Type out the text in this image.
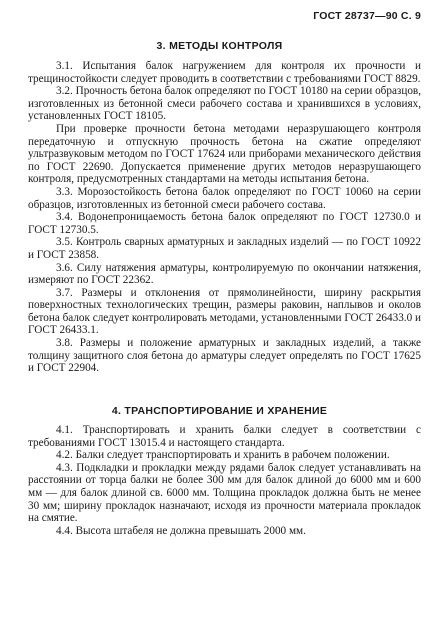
ГОСТ 28737—90 С. 9
3. МЕТОДЫ КОНТРОЛЯ

3.1. Испытания балок нагружением для контроля их прочности и трещиностойкости следует проводить в соответствии с требованиями ГОСТ 8829.

3.2. Прочность бетона балок определяют по ГОСТ 10180 на серии образцов, изготовленных из бетонной смеси рабочего состава и хранившихся в условиях, установленных ГОСТ 18105.

При проверке прочности бетона методами неразрушающего контроля передаточную и отпускную прочность бетона на сжатие определяют ультразвуковым методом по ГОСТ 17624 или приборами механического действия по ГОСТ 22690. Допускается применение других методов неразрушающего контроля, предусмотренных стандартами на методы испытания бетона.

3.3. Морозостойкость бетона балок определяют по ГОСТ 10060 на серии образцов, изготовленных из бетонной смеси рабочего состава.

3.4. Водонепроницаемость бетона балок определяют по ГОСТ 12730.0 и ГОСТ 12730.5.

3.5. Контроль сварных арматурных и закладных изделий — по ГОСТ 10922 и ГОСТ 23858.

3.6. Силу натяжения арматуры, контролируемую по окончании натяжения, измеряют по ГОСТ 22362.

3.7. Размеры и отклонения от прямолинейности, ширину раскрытия поверхностных технологических трещин, размеры раковин, наплывов и околов бетона балок следует контролировать методами, установленными ГОСТ 26433.0 и ГОСТ 26433.1.

3.8. Размеры и положение арматурных и закладных изделий, а также толщину защитного слоя бетона до арматуры следует определять по ГОСТ 17625 и ГОСТ 22904.

4. ТРАНСПОРТИРОВАНИЕ И ХРАНЕНИЕ

4.1. Транспортировать и хранить балки следует в соответствии с требованиями ГОСТ 13015.4 и настоящего стандарта.

4.2. Балки следует транспортировать и хранить в рабочем положении.

4.3. Подкладки и прокладки между рядами балок следует устанавливать на расстоянии от торца балки не более 300 мм для балок длиной до 6000 мм и 600 мм — для балок длиной св. 6000 мм. Толщина прокладок должна быть не менее 30 мм; ширину прокладок назначают, исходя из прочности материала прокладок на смятие.

4.4. Высота штабеля не должна превышать 2000 мм.
